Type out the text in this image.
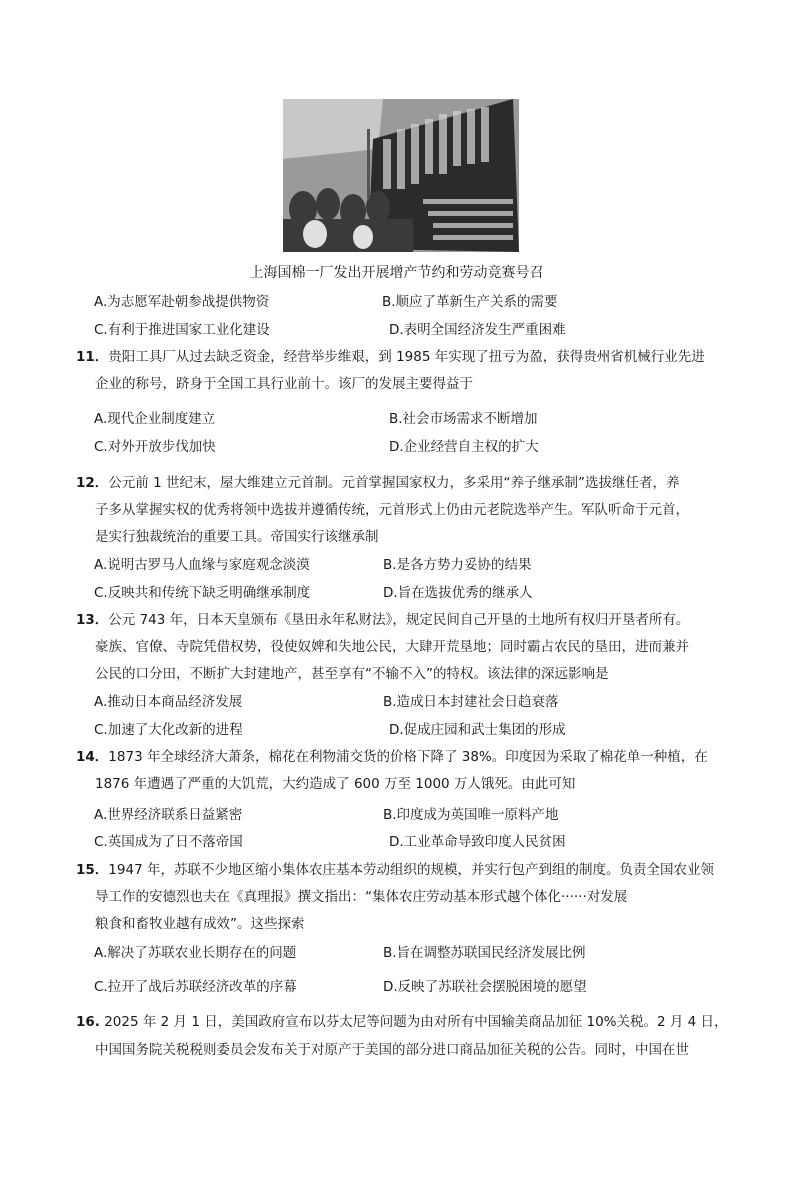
上海国棉一厂发出开展增产节约和劳动竞赛号召
A.为志愿军赴朝参战提供物资	B.顺应了革新生产关系的需要
C.有利于推进国家工业化建设	D.表明全国经济发生严重困难
11．贵阳工具厂从过去缺乏资金，经营举步维艰，到 1985 年实现了扭亏为盈，获得贵州省机械行业先进
企业的称号，跻身于全国工具行业前十。该厂的发展主要得益于
A.现代企业制度建立	B.社会市场需求不断增加
C.对外开放步伐加快	D.企业经营自主权的扩大
12．公元前 1 世纪末，屋大维建立元首制。元首掌握国家权力，多采用“养子继承制”选拔继任者，养
子多从掌握实权的优秀将领中选拔并遵循传统，元首形式上仍由元老院选举产生。军队听命于元首，
是实行独裁统治的重要工具。帝国实行该继承制
A.说明古罗马人血缘与家庭观念淡漠	B.是各方势力妥协的结果
C.反映共和传统下缺乏明确继承制度	D.旨在选拔优秀的继承人
13．公元 743 年，日本天皇颁布《垦田永年私财法》，规定民间自己开垦的土地所有权归开垦者所有。
豪族、官僚、寺院凭借权势，役使奴婢和失地公民，大肆开荒垦地；同时霸占农民的垦田，进而兼并
公民的口分田，不断扩大封建地产，甚至享有“不输不入”的特权。该法律的深远影响是
A.推动日本商品经济发展	B.造成日本封建社会日趋衰落
C.加速了大化改新的进程	D.促成庄园和武士集团的形成
14．1873 年全球经济大萧条，棉花在利物浦交货的价格下降了 38%。印度因为采取了棉花单一种植，在
1876 年遭遇了严重的大饥荒，大约造成了 600 万至 1000 万人饿死。由此可知
A.世界经济联系日益紧密	B.印度成为英国唯一原料产地
C.英国成为了日不落帝国	D.工业革命导致印度人民贫困
15．1947 年，苏联不少地区缩小集体农庄基本劳动组织的规模，并实行包产到组的制度。负责全国农业领
导工作的安德烈也夫在《真理报》撰文指出：“集体农庄劳动基本形式越个体化······对发展
粮食和畜牧业越有成效”。这些探索
A.解决了苏联农业长期存在的问题	B.旨在调整苏联国民经济发展比例
C.拉开了战后苏联经济改革的序幕	D.反映了苏联社会摆脱困境的愿望
16. 2025 年 2 月 1 日，美国政府宣布以芬太尼等问题为由对所有中国输美商品加征 10%关税。2 月 4 日，
中国国务院关税税则委员会发布关于对原产于美国的部分进口商品加征关税的公告。同时，中国在世
